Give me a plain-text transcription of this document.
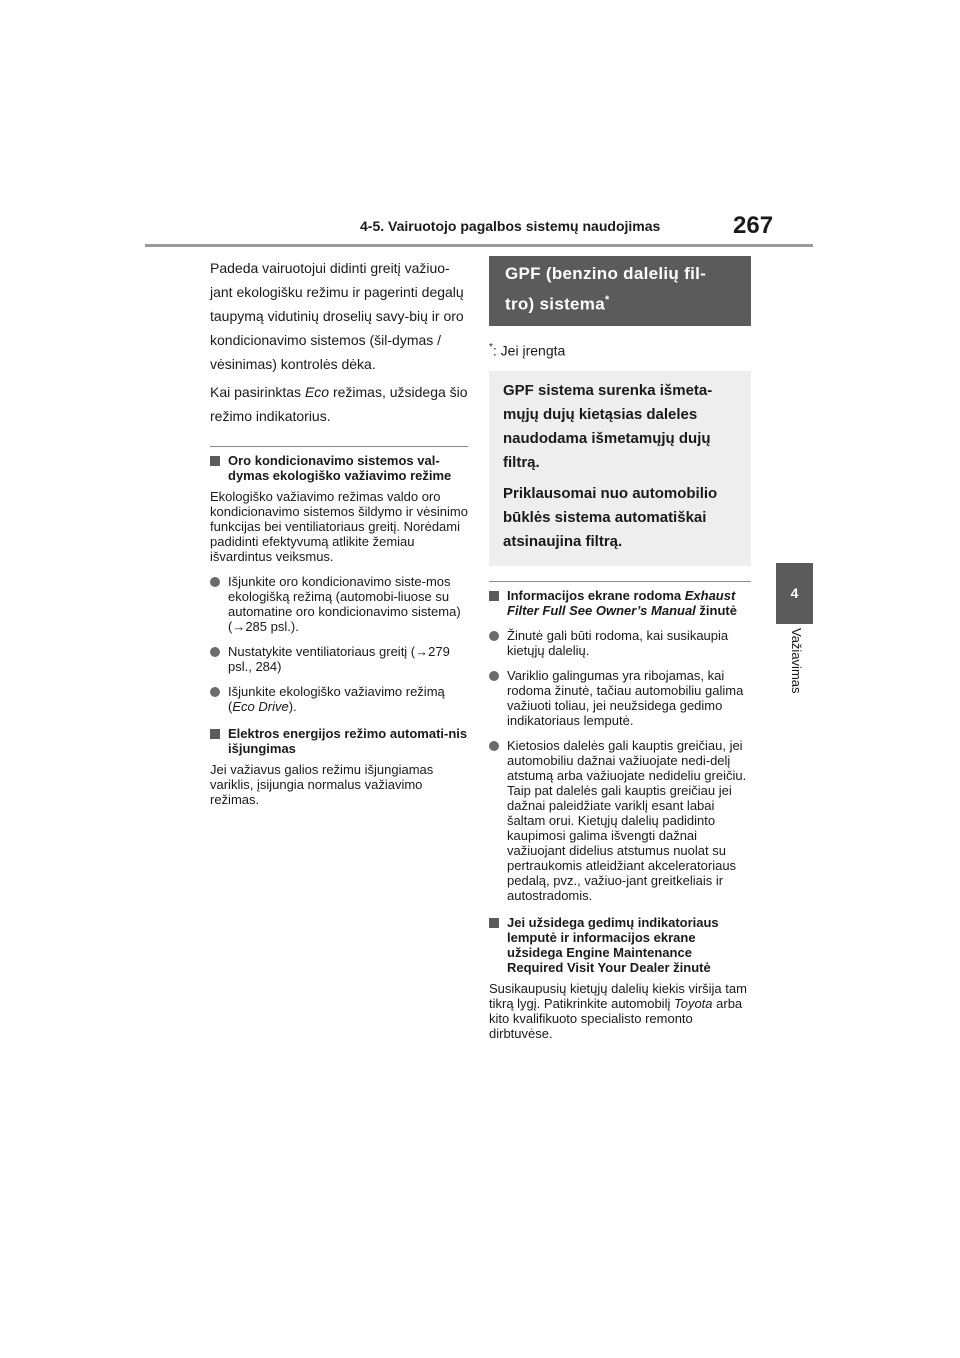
4-5. Vairuotojo pagalbos sistemų naudojimas	267
4
Važiavimas

Padeda vairuotojui didinti greitį važiuo-jant ekologišku režimu ir pagerinti degalų taupymą vidutinių droselių savy-bių ir oro kondicionavimo sistemos (šil-dymas / vėsinimas) kontrolės dėka.

Kai pasirinktas Eco režimas, užsidega šio režimo indikatorius.

Oro kondicionavimo sistemos val-dymas ekologiško važiavimo režime

Ekologiško važiavimo režimas valdo oro kondicionavimo sistemos šildymo ir vėsinimo funkcijas bei ventiliatoriaus greitį. Norėdami padidinti efektyvumą atlikite žemiau išvardintus veiksmus.

Išjunkite oro kondicionavimo siste-mos ekologišką režimą (automobi-liuose su automatine oro kondicionavimo sistema) (→285 psl.).
Nustatykite ventiliatoriaus greitį (→279 psl., 284)
Išjunkite ekologiško važiavimo režimą (Eco Drive).
Elektros energijos režimo automati-nis išjungimas

Jei važiavus galios režimu išjungiamas variklis, įsijungia normalus važiavimo režimas.

GPF (benzino dalelių fil-tro) sistema*

*: Jei įrengta

GPF sistema surenka išmeta-mųjų dujų kietąsias daleles naudodama išmetamųjų dujų filtrą.

Priklausomai nuo automobilio būklės sistema automatiškai atsinaujina filtrą.

Informacijos ekrane rodoma Exhaust Filter Full See Owner’s Manual žinutė
Žinutė gali būti rodoma, kai susikaupia kietųjų dalelių.
Variklio galingumas yra ribojamas, kai rodoma žinutė, tačiau automobiliu galima važiuoti toliau, jei neužsidega gedimo indikatoriaus lemputė.
Kietosios dalelės gali kauptis greičiau, jei automobiliu dažnai važiuojate nedi-delį atstumą arba važiuojate nedideliu greičiu. Taip pat dalelės gali kauptis greičiau jei dažnai paleidžiate variklį esant labai šaltam orui. Kietųjų dalelių padidinto kaupimosi galima išvengti dažnai važiuojant didelius atstumus nuolat su pertraukomis atleidžiant akceleratoriaus pedalą, pvz., važiuo-jant greitkeliais ir autostradomis.
Jei užsidega gedimų indikatoriaus lemputė ir informacijos ekrane užsidega Engine Maintenance Required Visit Your Dealer žinutė

Susikaupusių kietųjų dalelių kiekis viršija tam tikrą lygį. Patikrinkite automobilį Toyota arba kito kvalifikuoto specialisto remonto dirbtuvėse.
